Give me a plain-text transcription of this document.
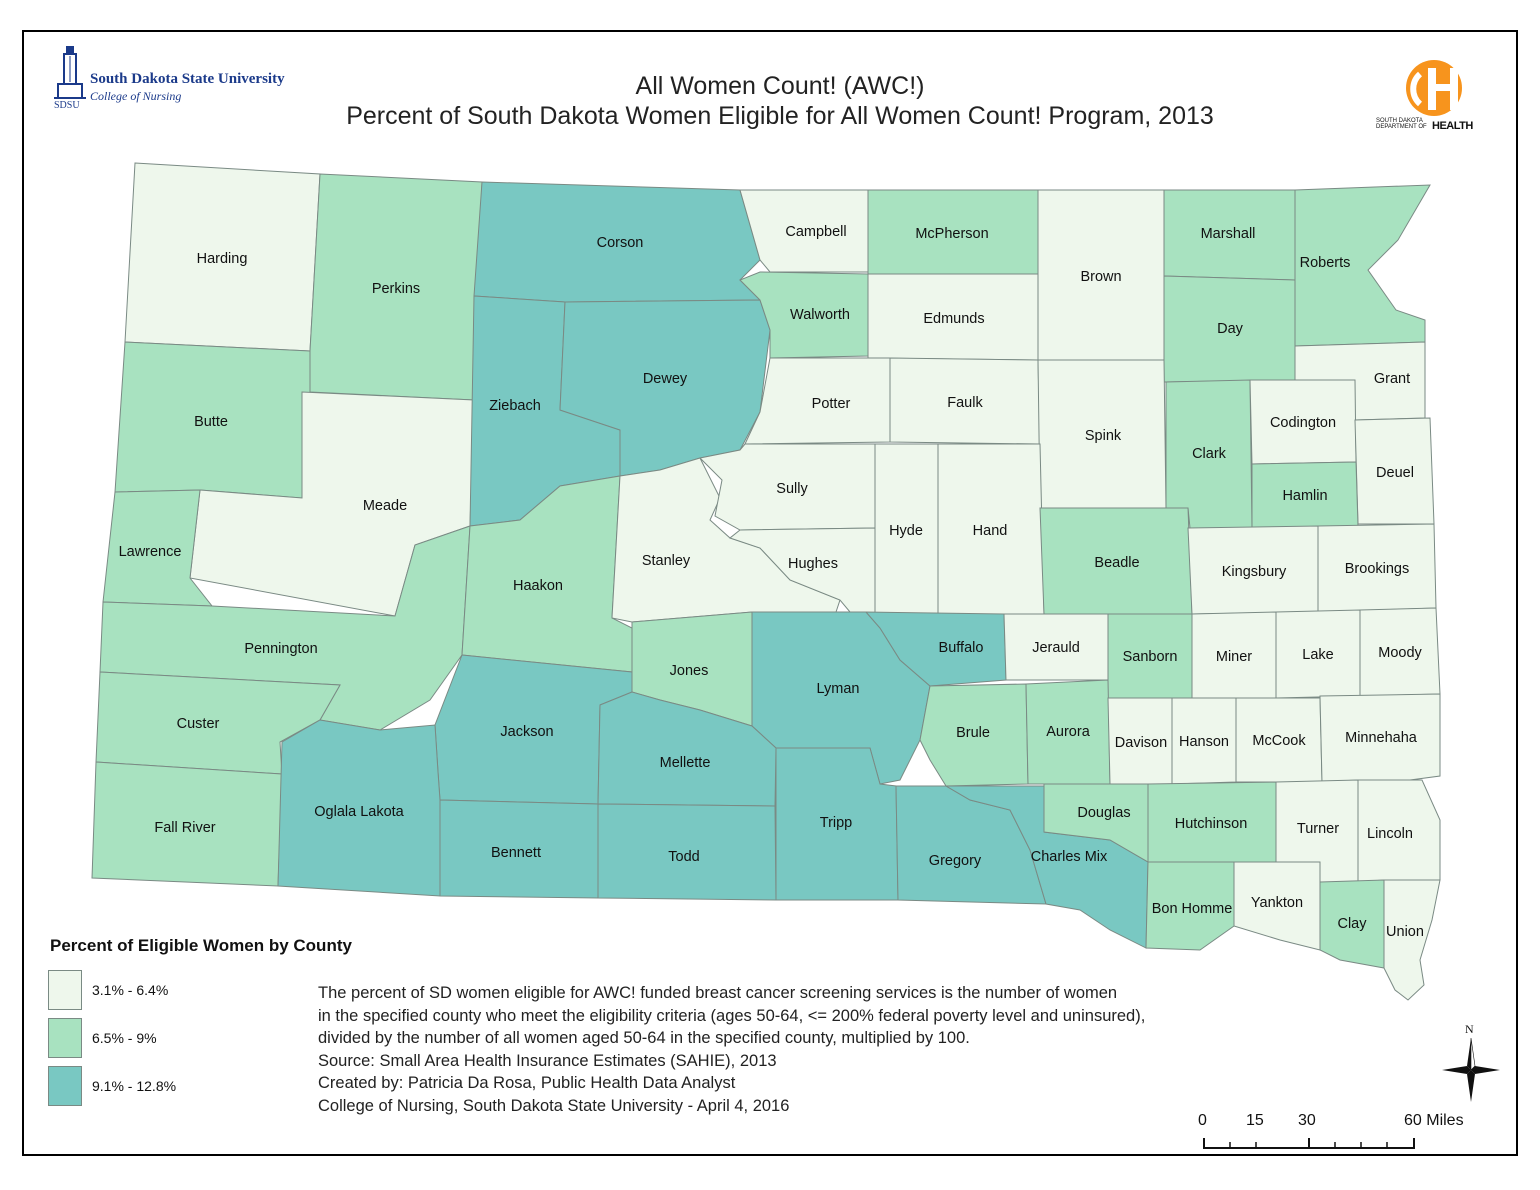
South Dakota State University
College of Nursing
SDSU
All Women Count! (AWC!)
Percent of South Dakota Women Eligible for All Women Count! Program, 2013	SOUTH DAKOTA DEPARTMENT OF HEALTH
Harding
Perkins
Corson
Campbell	McPherson
Brown
Marshall
Roberts
Butte
Meade
Ziebach
Dewey
Walworth	Edmunds
Day
Grant
Potter	Faulk
Spink
Clark
Codington
Deuel
Hamlin
Lawrence
Pennington
Haakon
Stanley
Sully
Hughes
Hyde	Hand
Beadle
Kingsbury	Brookings
Custer	Jackson
Jones
Lyman
Buffalo	Jerauld
Sanborn	Miner	Lake	Moody
Fall River
Oglala Lakota
Bennett
Mellette
Todd
Tripp
Brule	Aurora
Davison Hanson McCook	Minnehaha
Gregory	Charles Mix
Douglas
Hutchinson	Turner Lincoln
Bon Homme Yankton
Clay Union
Percent of Eligible Women by County
3.1% - 6.4%
6.5% - 9%
9.1% - 12.8%
The percent of SD women eligible for AWC! funded breast cancer screening services is the number of women
in the specified county who meet the eligibility criteria (ages 50-64, <= 200% federal poverty level and uninsured),
divided by the number of all women aged 50-64 in the specified county, multiplied by 100.
Source: Small Area Health Insurance Estimates (SAHIE), 2013
Created by: Patricia Da Rosa, Public Health Data Analyst
College of Nursing, South Dakota State University - April 4, 2016
N
0 15 30	60 Miles
